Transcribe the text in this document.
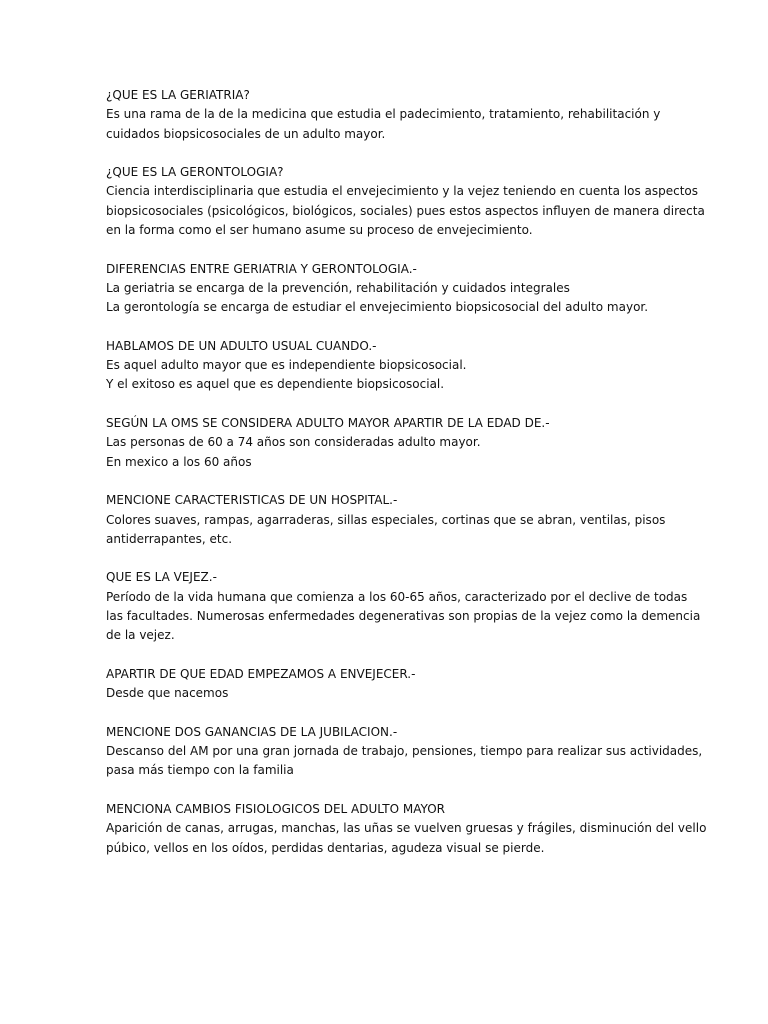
¿QUE ES LA GERIATRIA?

Es una rama de la de la medicina que estudia el padecimiento, tratamiento, rehabilitación y
cuidados biopsicosociales de un adulto mayor.

¿QUE ES LA GERONTOLOGIA?

Ciencia interdisciplinaria que estudia el envejecimiento y la vejez teniendo en cuenta los aspectos
biopsicosociales (psicológicos, biológicos, sociales) pues estos aspectos influyen de manera directa
en la forma como el ser humano asume su proceso de envejecimiento.

DIFERENCIAS ENTRE GERIATRIA Y GERONTOLOGIA.-

La geriatria se encarga de la prevención, rehabilitación y cuidados integrales
La gerontología se encarga de estudiar el envejecimiento biopsicosocial del adulto mayor.

HABLAMOS DE UN ADULTO USUAL CUANDO.-

Es aquel adulto mayor que es independiente biopsicosocial.
Y el exitoso es aquel que es dependiente biopsicosocial.

SEGÚN LA OMS SE CONSIDERA ADULTO MAYOR APARTIR DE LA EDAD DE.-

Las personas de 60 a 74 años son consideradas adulto mayor.
En mexico a los 60 años

MENCIONE CARACTERISTICAS DE UN HOSPITAL.-

Colores suaves, rampas, agarraderas, sillas especiales, cortinas que se abran, ventilas, pisos
antiderrapantes, etc.

QUE ES LA VEJEZ.-

Período de la vida humana que comienza a los 60-65 años, caracterizado por el declive de todas
las facultades. Numerosas enfermedades degenerativas son propias de la vejez como la demencia
de la vejez.

APARTIR DE QUE EDAD EMPEZAMOS A ENVEJECER.-

Desde que nacemos

MENCIONE DOS GANANCIAS DE LA JUBILACION.-

Descanso del AM por una gran jornada de trabajo, pensiones, tiempo para realizar sus actividades,
pasa más tiempo con la familia

MENCIONA CAMBIOS FISIOLOGICOS DEL ADULTO MAYOR

Aparición de canas, arrugas, manchas, las uñas se vuelven gruesas y frágiles, disminución del vello
púbico, vellos en los oídos, perdidas dentarias, agudeza visual se pierde.
